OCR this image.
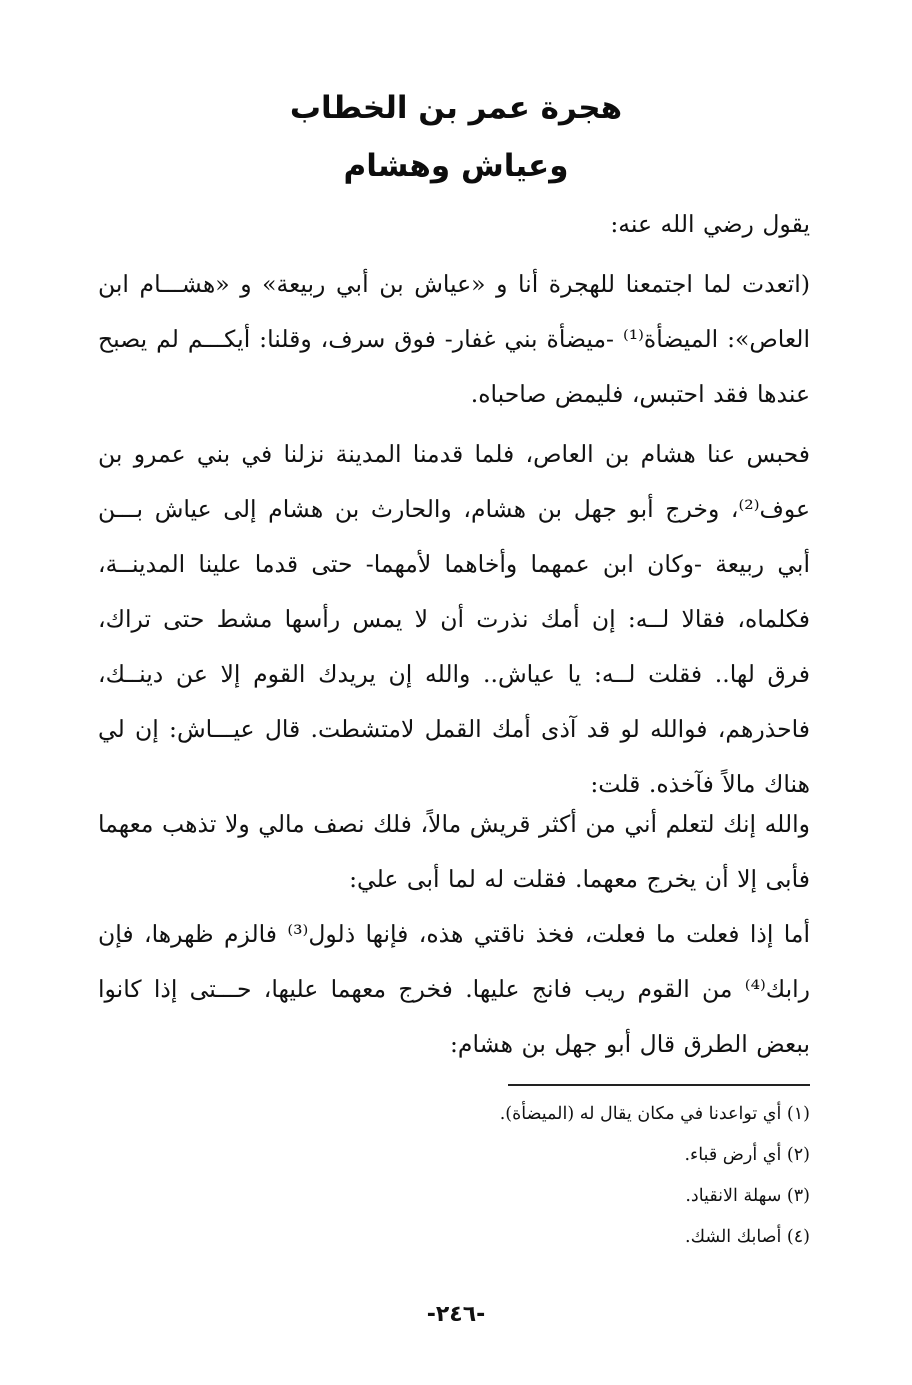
هجرة عمر بن الخطاب
وعياش وهشام

يقول رضي الله عنه:

(اتعدت لما اجتمعنا للهجرة أنا و «عياش بن أبي ربيعة» و «هشـــام ابن العاص»: الميضأة⁽¹⁾ -ميضأة بني غفار- فوق سرف، وقلنا: أيكـــم لم يصبح عندها فقد احتبس، فليمض صاحباه.

فحبس عنا هشام بن العاص، فلما قدمنا المدينة نزلنا في بني عمرو بن عوف⁽²⁾، وخرج أبو جهل بن هشام، والحارث بن هشام إلى عياش بـــن أبي ربيعة -وكان ابن عمهما وأخاهما لأمهما- حتى قدما علينا المدينــة، فكلماه، فقالا لــه: إن أمك نذرت أن لا يمس رأسها مشط حتى تراك، فرق لها.. فقلت لــه: يا عياش.. والله إن يريدك القوم إلا عن دينــك، فاحذرهم، فوالله لو قد آذى أمك القمل لامتشطت. قال عيـــاش: إن لي هناك مالاً فآخذه. قلت:

والله إنك لتعلم أني من أكثر قريش مالاً، فلك نصف مالي ولا تذهب معهما فأبى إلا أن يخرج معهما. فقلت له لما أبى علي:

أما إذا فعلت ما فعلت، فخذ ناقتي هذه، فإنها ذلول⁽³⁾ فالزم ظهرها، فإن رابك⁽⁴⁾ من القوم ريب فانج عليها. فخرج معهما عليها، حـــتى إذا كانوا ببعض الطرق قال أبو جهل بن هشام:

(١) أي تواعدنا في مكان يقال له (الميضأة).

(٢) أي أرض قباء.

(٣) سهلة الانقياد.

(٤) أصابك الشك.

-٢٤٦-
